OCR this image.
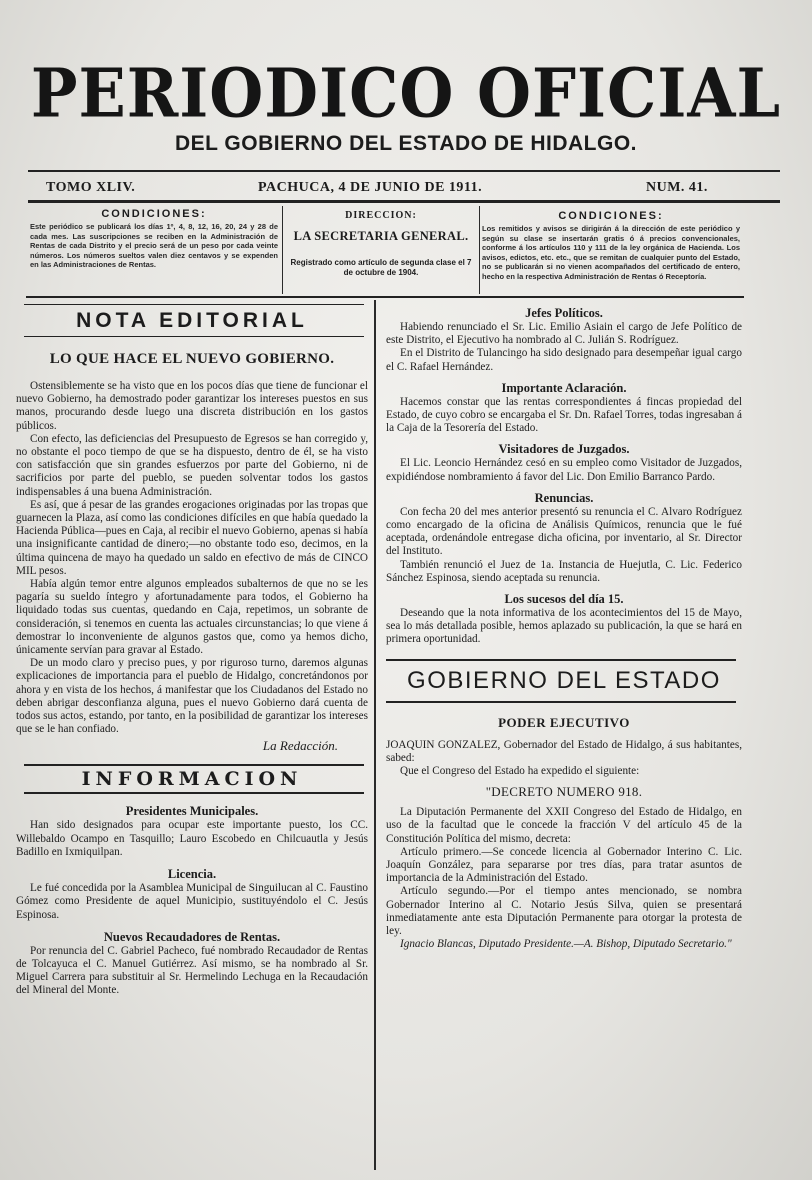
PERIODICO OFICIAL
DEL GOBIERNO DEL ESTADO DE HIDALGO.
TOMO XLIV.	PACHUCA, 4 DE JUNIO DE 1911.	NUM. 41.
CONDICIONES:
Este periódico se publicará los días 1º, 4, 8, 12, 16, 20, 24 y 28 de cada mes. Las suscripciones se reciben en la Administración de Rentas de cada Distrito y el precio será de un peso por cada veinte números. Los números sueltos valen diez centavos y se expenden en las Administraciones de Rentas.
DIRECCION:
LA SECRETARIA GENERAL.
Registrado como artículo de segunda clase el 7 de octubre de 1904.
CONDICIONES:
Los remitidos y avisos se dirigirán á la dirección de este periódico y según su clase se insertarán gratis ó á precios convencionales, conforme á los artículos 110 y 111 de la ley orgánica de Hacienda. Los avisos, edictos, etc. etc., que se remitan de cualquier punto del Estado, no se publicarán si no vienen acompañados del certificado de entero, hecho en la respectiva Administración de Rentas ó Receptoría.
NOTA EDITORIAL
LO QUE HACE EL NUEVO GOBIERNO.

Ostensiblemente se ha visto que en los pocos días que tiene de funcionar el nuevo Gobierno, ha demostrado poder garantizar los intereses puestos en sus manos, procurando desde luego una discreta distribución en los gastos públicos.

Con efecto, las deficiencias del Presupuesto de Egresos se han corregido y, no obstante el poco tiempo de que se ha dispuesto, dentro de él, se ha visto con satisfacción que sin grandes esfuerzos por parte del Gobierno, ni de sacrificios por parte del pueblo, se pueden solventar todos los gastos indispensables á una buena Administración.

Es así, que á pesar de las grandes erogaciones originadas por las tropas que guarnecen la Plaza, así como las condiciones difíciles en que había quedado la Hacienda Pública—pues en Caja, al recibir el nuevo Gobierno, apenas si había una insignificante cantidad de dinero;—no obstante todo eso, decimos, en la última quincena de mayo ha quedado un saldo en efectivo de más de CINCO MIL pesos.

Había algún temor entre algunos empleados subalternos de que no se les pagaría su sueldo íntegro y afortunadamente para todos, el Gobierno ha liquidado todas sus cuentas, quedando en Caja, repetimos, un sobrante de consideración, si tenemos en cuenta las actuales circunstancias; lo que viene á demostrar lo inconveniente de algunos gastos que, como ya hemos dicho, únicamente servían para gravar al Estado.

De un modo claro y preciso pues, y por riguroso turno, daremos algunas explicaciones de importancia para el pueblo de Hidalgo, concretándonos por ahora y en vista de los hechos, á manifestar que los Ciudadanos del Estado no deben abrigar desconfianza alguna, pues el nuevo Gobierno dará cuenta de todos sus actos, estando, por tanto, en la posibilidad de garantizar los intereses que se le han confiado.

La Redacción.
INFORMACION
Presidentes Municipales.

Han sido designados para ocupar este importante puesto, los CC. Willebaldo Ocampo en Tasquillo; Lauro Escobedo en Chilcuautla y Jesús Badillo en Ixmiquilpan.

Licencia.

Le fué concedida por la Asamblea Municipal de Singuilucan al C. Faustino Gómez como Presidente de aquel Municipio, sustituyéndolo el C. Jesús Espinosa.

Nuevos Recaudadores de Rentas.

Por renuncia del C. Gabriel Pacheco, fué nombrado Recaudador de Rentas de Tolcayuca el C. Manuel Gutiérrez. Así mismo, se ha nombrado al Sr. Miguel Carrera para substituir al Sr. Hermelindo Lechuga en la Recaudación del Mineral del Monte.

Jefes Políticos.

Habiendo renunciado el Sr. Lic. Emilio Asiain el cargo de Jefe Político de este Distrito, el Ejecutivo ha nombrado al C. Julián S. Rodríguez.

En el Distrito de Tulancingo ha sido designado para desempeñar igual cargo el C. Rafael Hernández.

Importante Aclaración.

Hacemos constar que las rentas correspondientes á fincas propiedad del Estado, de cuyo cobro se encargaba el Sr. Dn. Rafael Torres, todas ingresaban á la Caja de la Tesorería del Estado.

Visitadores de Juzgados.

El Lic. Leoncio Hernández cesó en su empleo como Visitador de Juzgados, expidiéndose nombramiento á favor del Lic. Don Emilio Barranco Pardo.

Renuncias.

Con fecha 20 del mes anterior presentó su renuncia el C. Alvaro Rodríguez como encargado de la oficina de Análisis Químicos, renuncia que le fué aceptada, ordenándole entregase dicha oficina, por inventario, al Sr. Director del Instituto.

También renunció el Juez de 1a. Instancia de Huejutla, C. Lic. Federico Sánchez Espinosa, siendo aceptada su renuncia.

Los sucesos del día 15.

Deseando que la nota informativa de los acontecimientos del 15 de Mayo, sea lo más detallada posible, hemos aplazado su publicación, la que se hará en primera oportunidad.

GOBIERNO DEL ESTADO
PODER EJECUTIVO

JOAQUIN GONZALEZ, Gobernador del Estado de Hidalgo, á sus habitantes, sabed:

Que el Congreso del Estado ha expedido el siguiente:

"DECRETO NUMERO 918.

La Diputación Permanente del XXII Congreso del Estado de Hidalgo, en uso de la facultad que le concede la fracción V del artículo 45 de la Constitución Política del mismo, decreta:

Artículo primero.—Se concede licencia al Gobernador Interino C. Lic. Joaquín González, para separarse por tres días, para tratar asuntos de importancia de la Administración del Estado.

Artículo segundo.—Por el tiempo antes mencionado, se nombra Gobernador Interino al C. Notario Jesús Silva, quien se presentará inmediatamente ante esta Diputación Permanente para otorgar la protesta de ley.

Ignacio Blancas, Diputado Presidente.—A. Bishop, Diputado Secretario."
